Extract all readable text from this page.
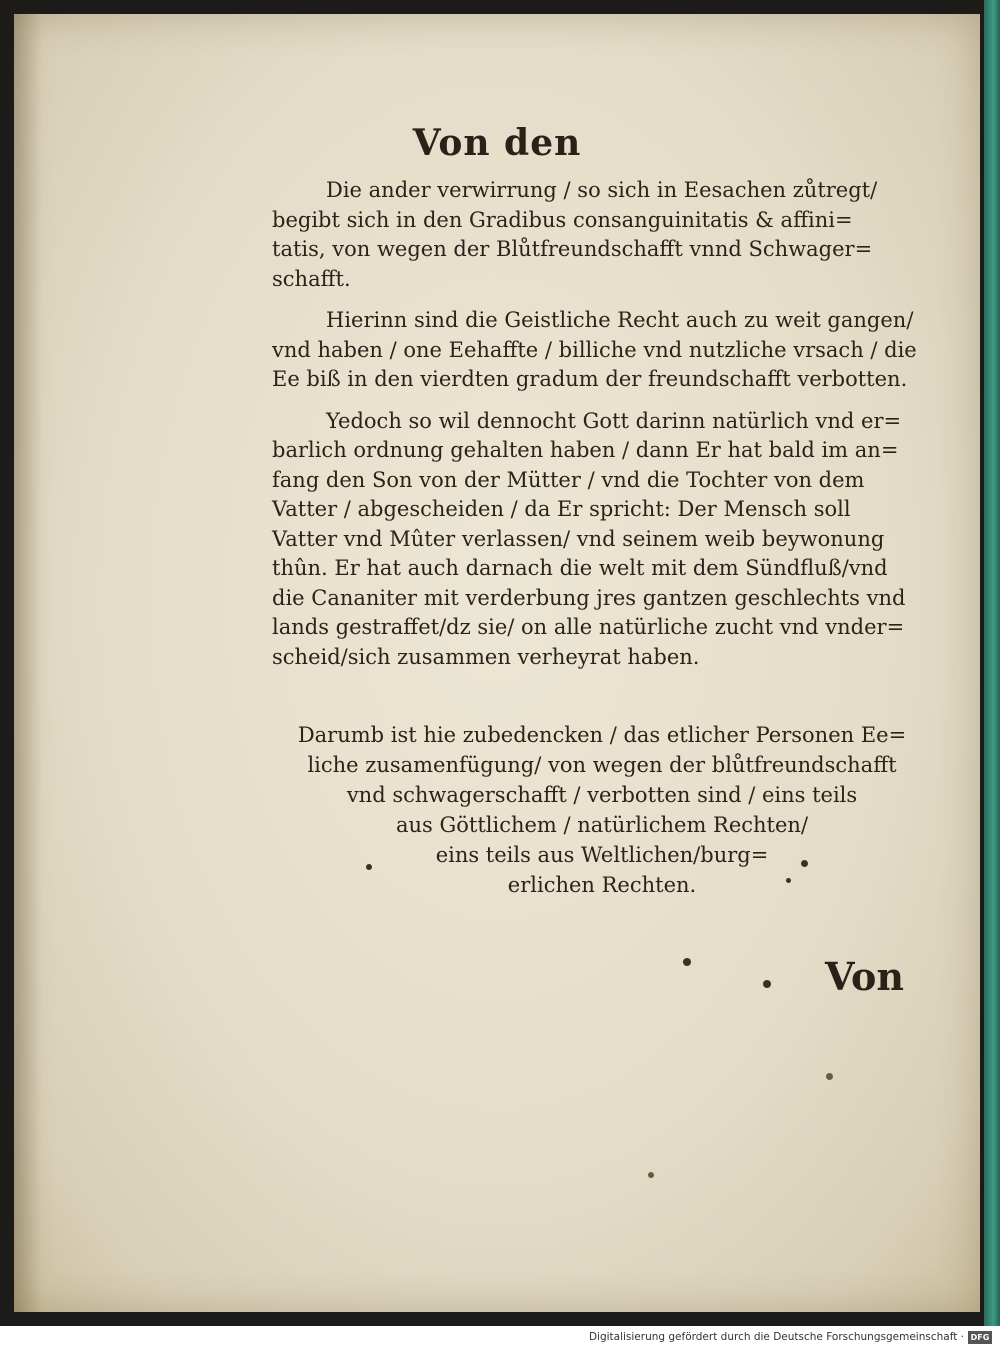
Von den
Die ander verwirrung / so sich in Eesachen zůtregt/
begibt sich in den Gradibus consanguinitatis & affini=
tatis, von wegen der Blůtfreundschafft vnnd Schwager=
schafft.
Hierinn sind die Geistliche Recht auch zu weit gangen/
vnd haben / one Eehaffte / billiche vnd nutzliche vrsach / die
Ee biß in den vierdten gradum der freundschafft verbotten.
Yedoch so wil dennocht Gott darinn natürlich vnd er=
barlich ordnung gehalten haben / dann Er hat bald im an=
fang den Son von der Mütter / vnd die Tochter von dem
Vatter / abgescheiden / da Er spricht: Der Mensch soll
Vatter vnd Mûter verlassen/ vnd seinem weib beywonung
thûn. Er hat auch darnach die welt mit dem Sündfluß/vnd
die Cananiter mit verderbung jres gantzen geschlechts vnd
lands gestraffet/dz sie/ on alle natürliche zucht vnd vnder=
scheid/sich zusammen verheyrat haben.
Darumb ist hie zubedencken / das etlicher Personen Ee=
liche zusamenfügung/ von wegen der blůtfreundschafft
vnd schwagerschafft / verbotten sind / eins teils
aus Göttlichem / natürlichem Rechten/
eins teils aus Weltlichen/burg=
erlichen Rechten.
Von
Digitalisierung gefördert durch die Deutsche Forschungsgemeinschaft · DFG
